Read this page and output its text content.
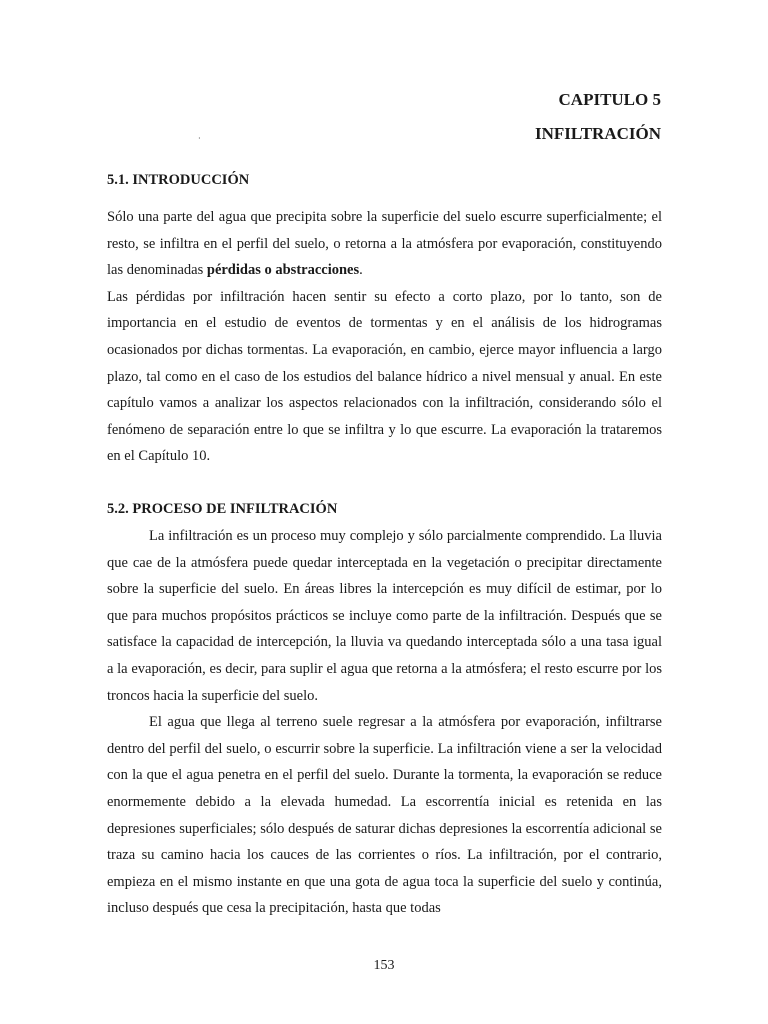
CAPITULO 5
INFILTRACIÓN
·
5.1. INTRODUCCIÓN

Sólo una parte del agua que precipita sobre la superficie del suelo escurre superficialmente; el resto, se infiltra en el perfil del suelo, o retorna a la atmósfera por evaporación, constituyendo las denominadas pérdidas o abstracciones.

Las pérdidas por infiltración hacen sentir su efecto a corto plazo, por lo tanto, son de importancia en el estudio de eventos de tormentas y en el análisis de los hidrogramas ocasionados por dichas tormentas. La evaporación, en cambio, ejerce mayor influencia a largo plazo, tal como en el caso de los estudios del balance hídrico a nivel mensual y anual. En este capítulo vamos a analizar los aspectos relacionados con la infiltración, considerando sólo el fenómeno de separación entre lo que se infiltra y lo que escurre. La evaporación la trataremos en el Capítulo 10.

5.2. PROCESO DE INFILTRACIÓN

La infiltración es un proceso muy complejo y sólo parcialmente comprendido. La lluvia que cae de la atmósfera puede quedar interceptada en la vegetación o precipitar directamente sobre la superficie del suelo. En áreas libres la intercepción es muy difícil de estimar, por lo que para muchos propósitos prácticos se incluye como parte de la infiltración. Después que se satisface la capacidad de intercepción, la lluvia va quedando interceptada sólo a una tasa igual a la evaporación, es decir, para suplir el agua que retorna a la atmósfera; el resto escurre por los troncos hacia la superficie del suelo.

El agua que llega al terreno suele regresar a la atmósfera por evaporación, infiltrarse dentro del perfil del suelo, o escurrir sobre la superficie. La infiltración viene a ser la velocidad con la que el agua penetra en el perfil del suelo. Durante la tormenta, la evaporación se reduce enormemente debido a la elevada humedad. La escorrentía inicial es retenida en las depresiones superficiales; sólo después de saturar dichas depresiones la escorrentía adicional se traza su camino hacia los cauces de las corrientes o ríos. La infiltración, por el contrario, empieza en el mismo instante en que una gota de agua toca la superficie del suelo y continúa, incluso después que cesa la precipitación, hasta que todas

153
